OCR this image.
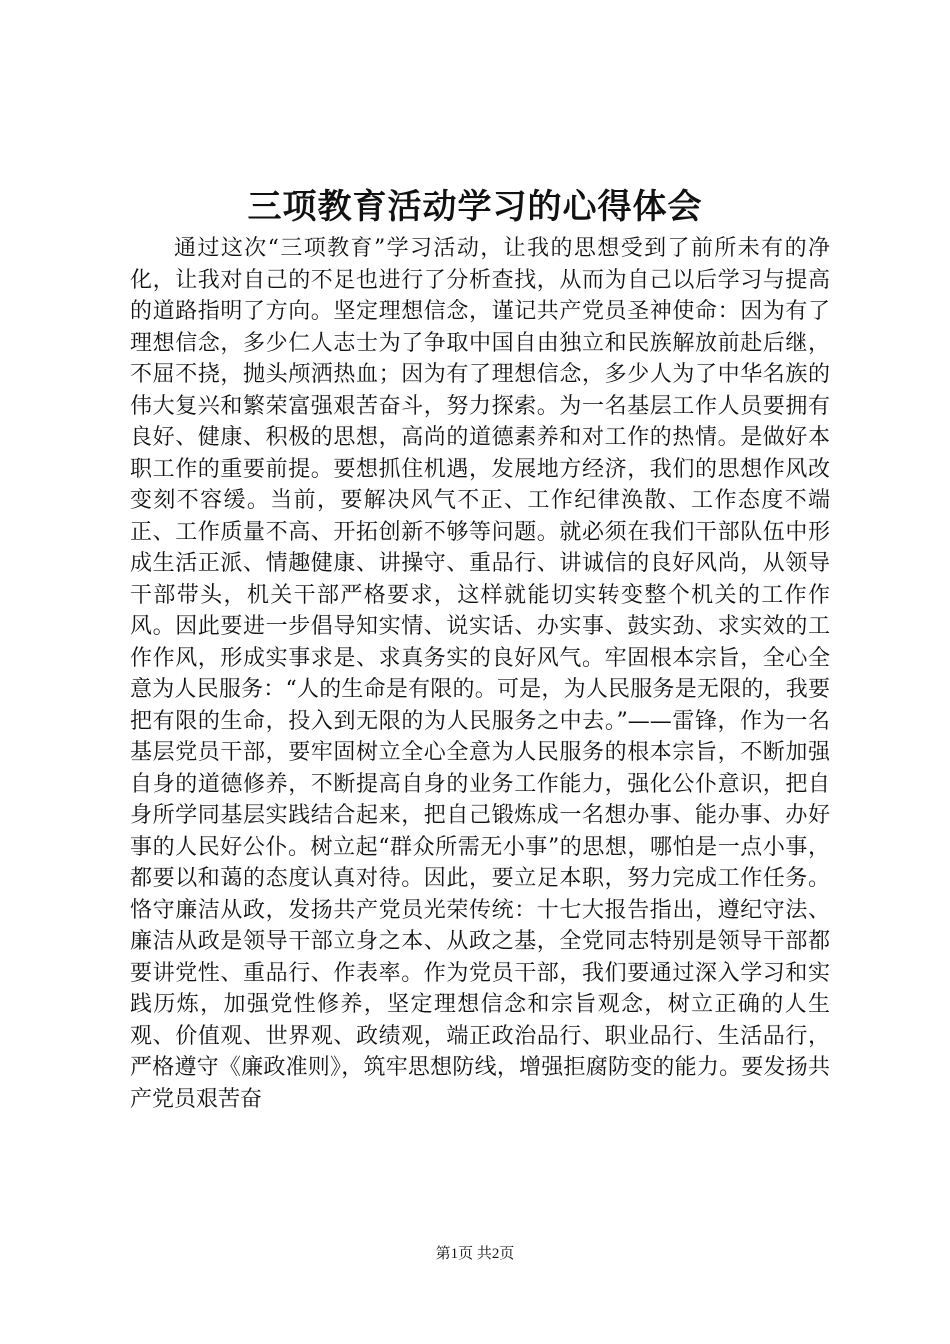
三项教育活动学习的心得体会

通过这次“三项教育”学习活动，让我的思想受到了前所未有的净化，让我对自己的不足也进行了分析查找，从而为自己以后学习与提高的道路指明了方向。坚定理想信念，谨记共产党员圣神使命：因为有了理想信念，多少仁人志士为了争取中国自由独立和民族解放前赴后继，不屈不挠，抛头颅洒热血；因为有了理想信念，多少人为了中华名族的伟大复兴和繁荣富强艰苦奋斗，努力探索。为一名基层工作人员要拥有良好、健康、积极的思想，高尚的道德素养和对工作的热情。是做好本职工作的重要前提。要想抓住机遇，发展地方经济，我们的思想作风改变刻不容缓。当前，要解决风气不正、工作纪律涣散、工作态度不端正、工作质量不高、开拓创新不够等问题。就必须在我们干部队伍中形成生活正派、情趣健康、讲操守、重品行、讲诚信的良好风尚，从领导干部带头，机关干部严格要求，这样就能切实转变整个机关的工作作风。因此要进一步倡导知实情、说实话、办实事、鼓实劲、求实效的工作作风，形成实事求是、求真务实的良好风气。牢固根本宗旨，全心全意为人民服务：“人的生命是有限的。可是，为人民服务是无限的，我要把有限的生命，投入到无限的为人民服务之中去。”——雷锋，作为一名基层党员干部，要牢固树立全心全意为人民服务的根本宗旨，不断加强自身的道德修养，不断提高自身的业务工作能力，强化公仆意识，把自身所学同基层实践结合起来，把自己锻炼成一名想办事、能办事、办好事的人民好公仆。树立起“群众所需无小事”的思想，哪怕是一点小事，都要以和蔼的态度认真对待。因此，要立足本职，努力完成工作任务。恪守廉洁从政，发扬共产党员光荣传统：十七大报告指出，遵纪守法、廉洁从政是领导干部立身之本、从政之基，全党同志特别是领导干部都要讲党性、重品行、作表率。作为党员干部，我们要通过深入学习和实践历炼，加强党性修养，坚定理想信念和宗旨观念，树立正确的人生观、价值观、世界观、政绩观，端正政治品行、职业品行、生活品行，严格遵守《廉政准则》，筑牢思想防线，增强拒腐防变的能力。要发扬共产党员艰苦奋

第1页 共2页
